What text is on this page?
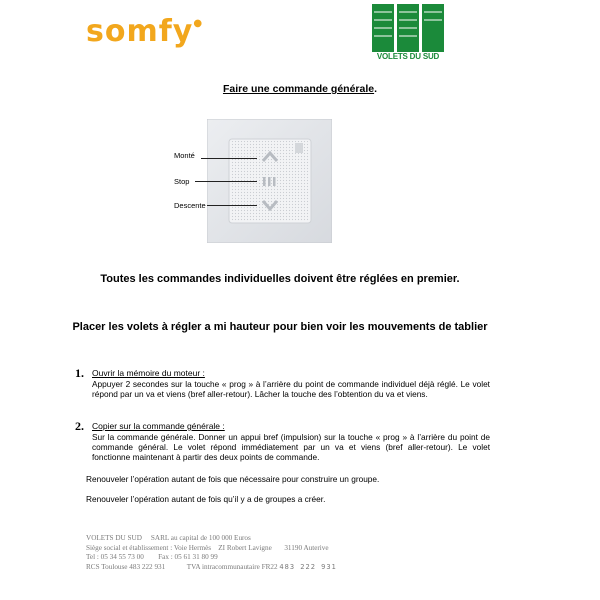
somfy●
VOLETS DU SUD
Faire une commande générale.
Monté
Stop
Descente
Toutes les commandes individuelles doivent être réglées en premier.
Placer les volets à régler a mi hauteur pour bien voir les mouvements de tablier
1. Ouvrir la mémoire du moteur :
Appuyer 2 secondes sur la touche « prog » à l’arrière du point de commande individuel déjà réglé. Le volet répond par un va et viens (bref aller-retour). Lâcher la touche des l’obtention du va et viens.
2. Copier sur la commande générale :
Sur la commande générale. Donner un appui bref (impulsion) sur la touche « prog » à l’arrière du point de commande général. Le volet répond immédiatement par un va et viens (bref aller-retour). Le volet fonctionne maintenant à partir des deux points de commande.
Renouveler l’opération autant de fois que nécessaire pour construire un groupe.
Renouveler l’opération autant de fois qu’il y a de groupes a créer.
VOLETS DU SUD     SARL au capital de 100 000 Euros
Siège social et établissement : Voie Hermès    ZI Robert Lavigne       31190 Auterive
Tel : 05 34 55 73 00        Fax : 05 61 31 80 99
RCS Toulouse 483 222 931	TVA intracommunautaire FR22 483 222 931
